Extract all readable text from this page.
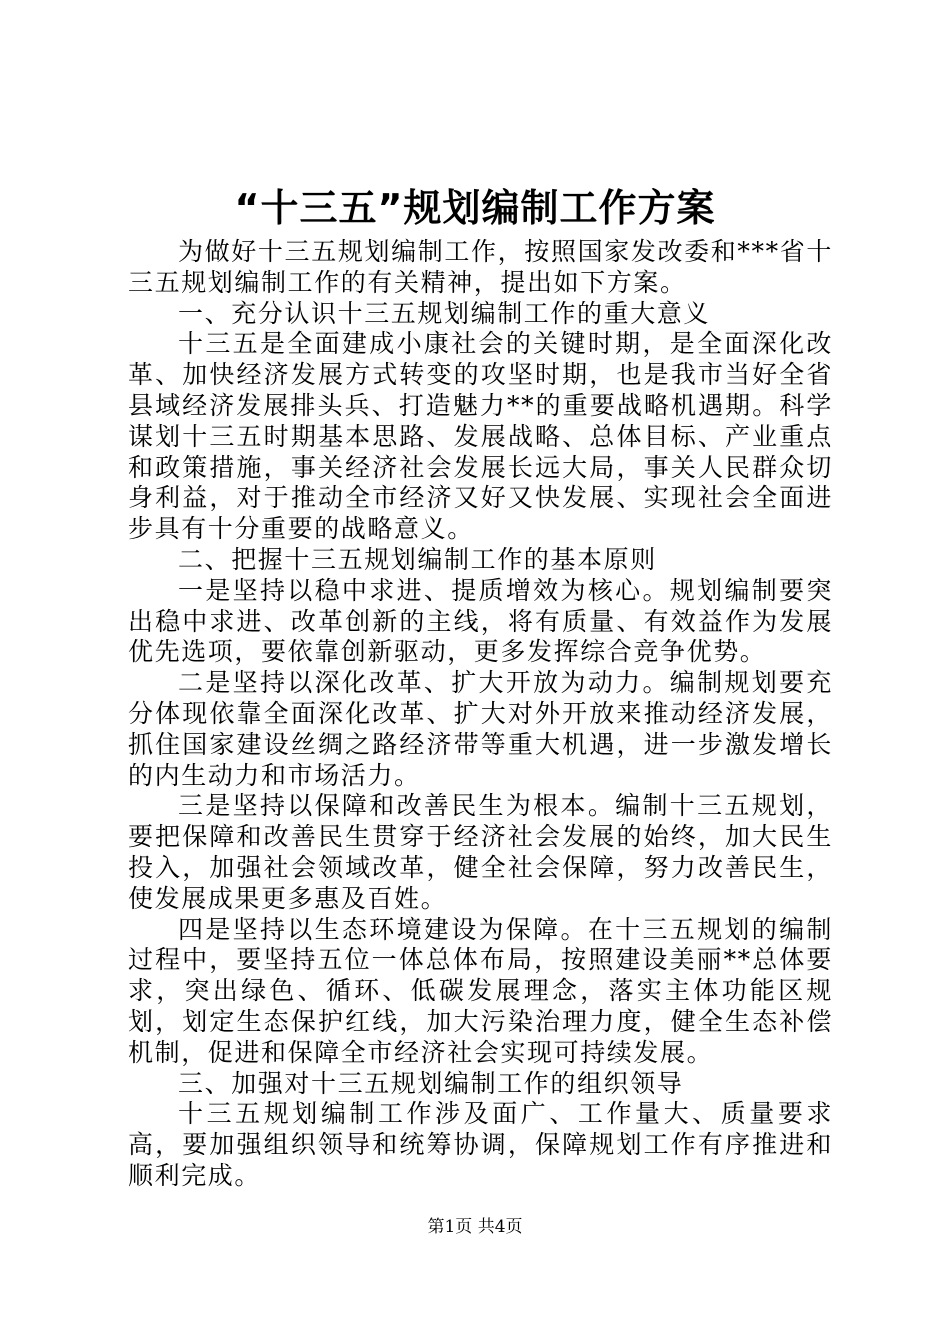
“十三五”规划编制工作方案

为做好十三五规划编制工作，按照国家发改委和***省十三五规划编制工作的有关精神，提出如下方案。

一、充分认识十三五规划编制工作的重大意义

十三五是全面建成小康社会的关键时期，是全面深化改革、加快经济发展方式转变的攻坚时期，也是我市当好全省县域经济发展排头兵、打造魅力**的重要战略机遇期。科学谋划十三五时期基本思路、发展战略、总体目标、产业重点和政策措施，事关经济社会发展长远大局，事关人民群众切身利益，对于推动全市经济又好又快发展、实现社会全面进步具有十分重要的战略意义。

二、把握十三五规划编制工作的基本原则

一是坚持以稳中求进、提质增效为核心。规划编制要突出稳中求进、改革创新的主线，将有质量、有效益作为发展优先选项，要依靠创新驱动，更多发挥综合竞争优势。

二是坚持以深化改革、扩大开放为动力。编制规划要充分体现依靠全面深化改革、扩大对外开放来推动经济发展，抓住国家建设丝绸之路经济带等重大机遇，进一步激发增长的内生动力和市场活力。

三是坚持以保障和改善民生为根本。编制十三五规划，要把保障和改善民生贯穿于经济社会发展的始终，加大民生投入，加强社会领域改革，健全社会保障，努力改善民生，使发展成果更多惠及百姓。

四是坚持以生态环境建设为保障。在十三五规划的编制过程中，要坚持五位一体总体布局，按照建设美丽**总体要求，突出绿色、循环、低碳发展理念，落实主体功能区规划，划定生态保护红线，加大污染治理力度，健全生态补偿机制，促进和保障全市经济社会实现可持续发展。

三、加强对十三五规划编制工作的组织领导

十三五规划编制工作涉及面广、工作量大、质量要求高，要加强组织领导和统筹协调，保障规划工作有序推进和顺利完成。

第1页 共4页
